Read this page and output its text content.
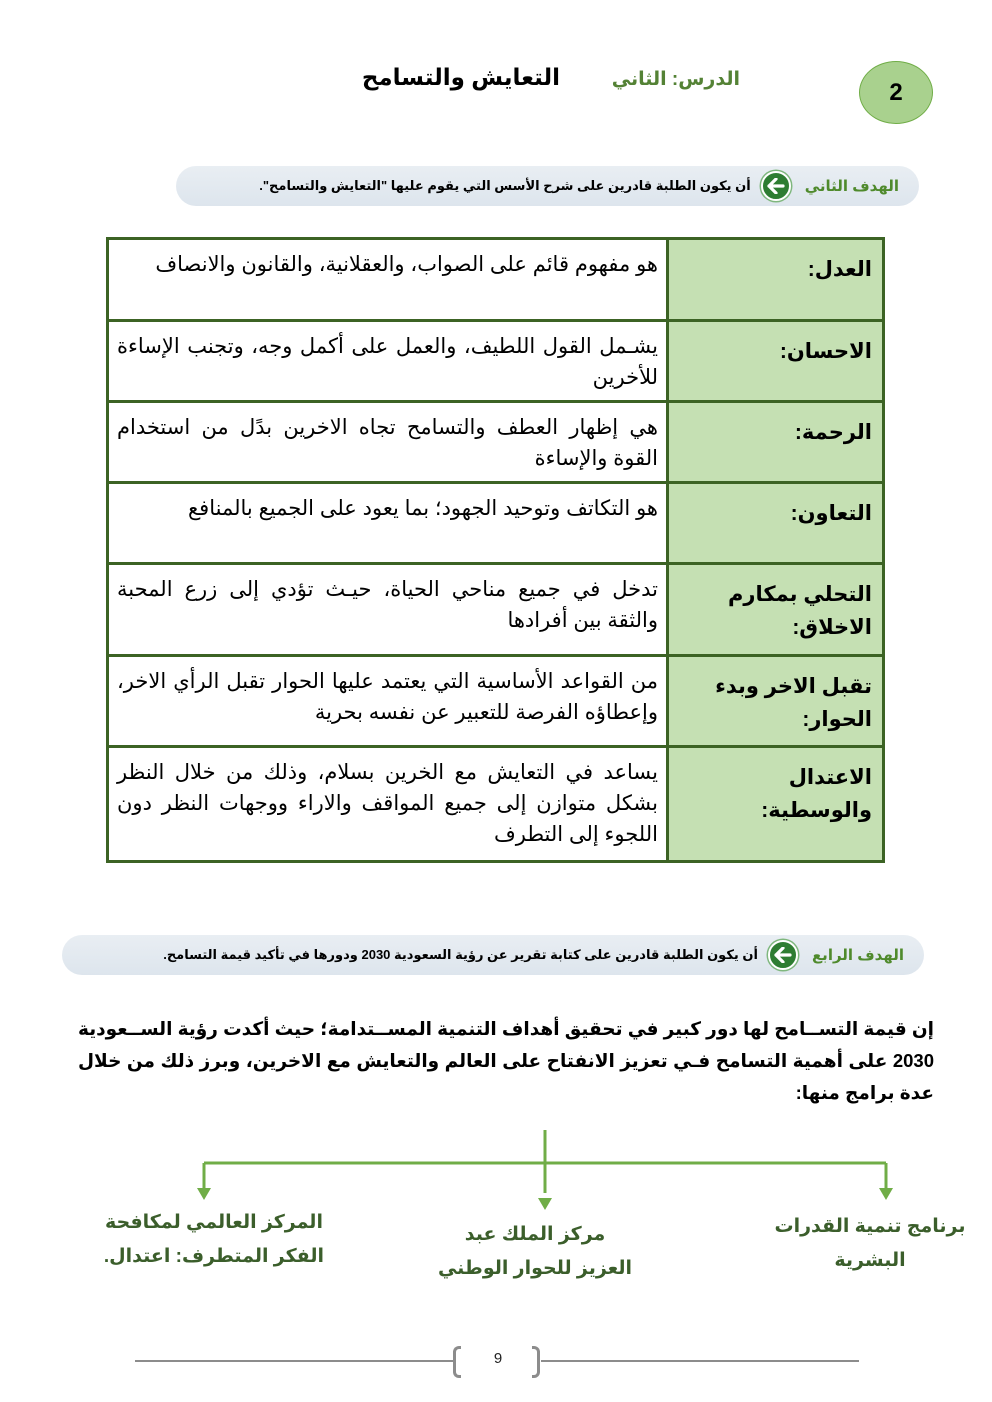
2
الدرس: الثاني
التعايش والتسامح
الهدف الثاني
أن يكون الطلبة قادرين على شرح الأسس التي يقوم عليها "التعايش والتسامح".
العدل:	هو مفهوم قائم على الصواب، والعقلانية، والقانون والانصاف
الاحسان:	يشـمل القول اللطيف، والعمل على أكمل وجه، وتجنب الإساءة للأخرين
الرحمة:	هي إظهار العطف والتسامح تجاه الاخرين بدًل من استخدام القوة والإساءة
التعاون:	هو التكاتف وتوحيد الجهود؛ بما يعود على الجميع بالمنافع
التحلي بمكارم الاخلاق:	تدخل في جميع مناحي الحياة، حيـث تؤدي إلى زرع المحبة والثقة بين أفرادها
تقبل الاخر وبدء الحوار:	من القواعد الأساسية التي يعتمد عليها الحوار تقبل الرأي الاخر، وإعطاؤه الفرصة للتعبير عن نفسه بحرية
الاعتدال والوسطية:	يساعد في التعايش مع الخرين بسلام، وذلك من خلال النظر بشكل متوازن إلى جميع المواقف والاراء ووجهات النظر دون اللجوء إلى التطرف
الهدف الرابع
أن يكون الطلبة قادرين على كتابة تقرير عن رؤية السعودية 2030 ودورها في تأكيد قيمة التسامح.

إن قيمة التســامح لها دور كبير في تحقيق أهداف التنمية المســتدامة؛ حيث أكدت رؤية الســعودية 2030 على أهمية التسامح فـي تعزيز الانفتاح على العالم والتعايش مع الاخرين، وبرز ذلك من خلال عدة برامج منها:

برنامج تنمية القدرات
البشرية
مركز الملك عبد
العزيز للحوار الوطني
المركز العالمي لمكافحة
الفكر المتطرف: اعتدال.
9
